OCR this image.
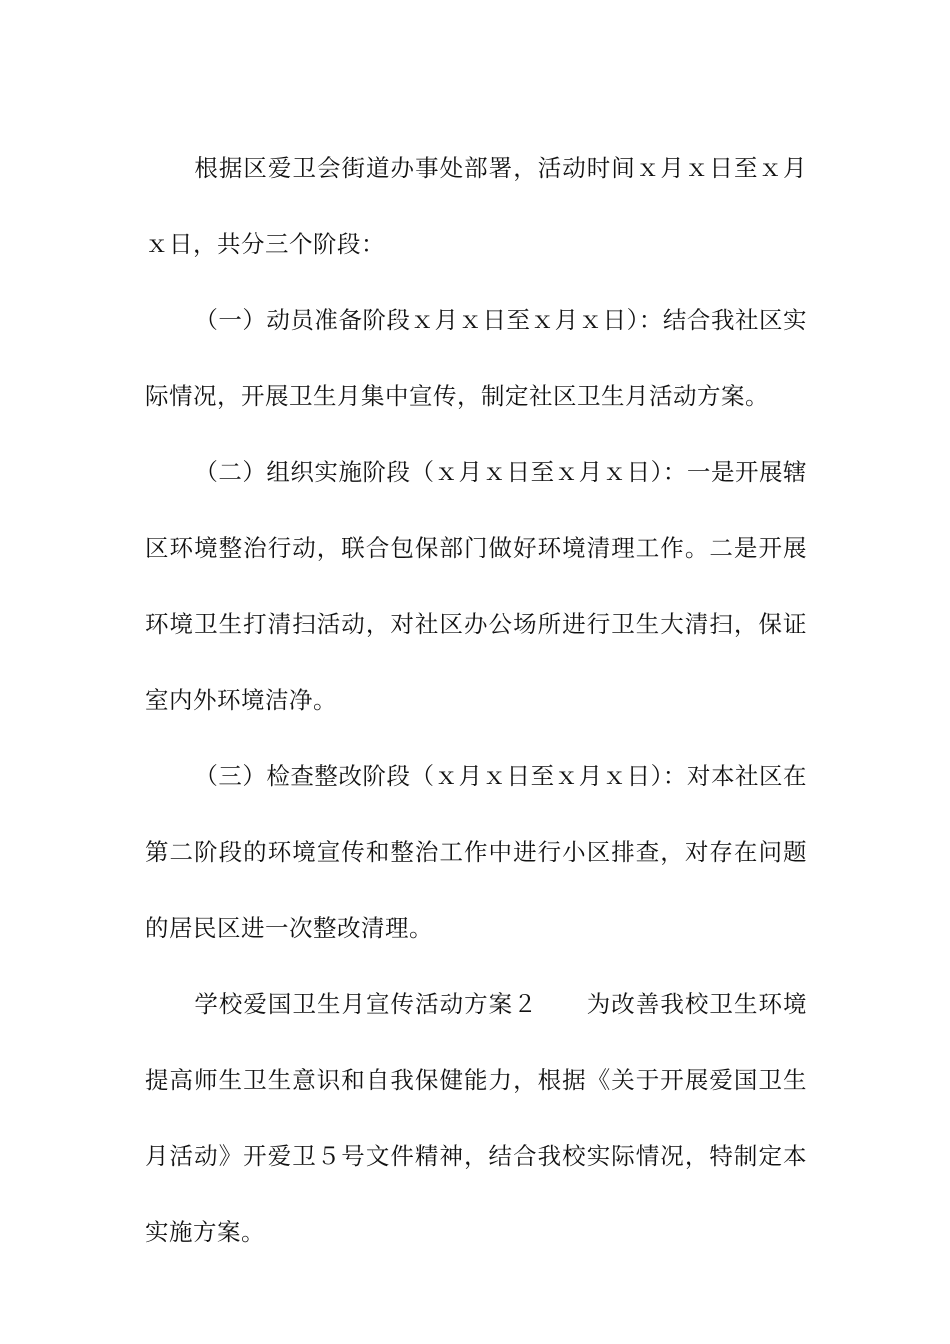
根据区爱卫会街道办事处部署，活动时间ｘ月ｘ日至ｘ月ｘ日，共分三个阶段：

（一）动员准备阶段ｘ月ｘ日至ｘ月ｘ日）：结合我社区实际情况，开展卫生月集中宣传，制定社区卫生月活动方案。

（二）组织实施阶段（ｘ月ｘ日至ｘ月ｘ日）：一是开展辖区环境整治行动，联合包保部门做好环境清理工作。二是开展环境卫生打清扫活动，对社区办公场所进行卫生大清扫，保证室内外环境洁净。

（三）检查整改阶段（ｘ月ｘ日至ｘ月ｘ日）：对本社区在第二阶段的环境宣传和整治工作中进行小区排查，对存在问题的居民区进一次整改清理。

学校爱国卫生月宣传活动方案２　　为改善我校卫生环境提高师生卫生意识和自我保健能力，根据《关于开展爱国卫生月活动》开爱卫５号文件精神，结合我校实际情况，特制定本实施方案。
